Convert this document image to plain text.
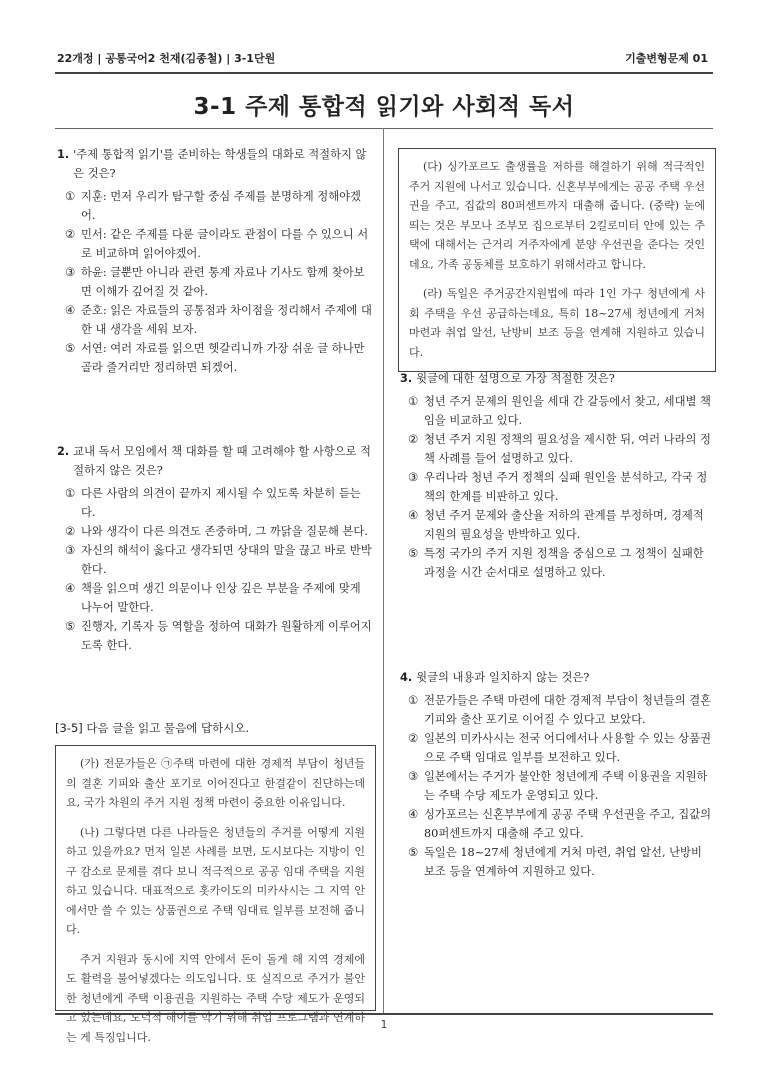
22개정 | 공통국어2 천재(김종철) | 3-1단원	기출변형문제 01
3-1 주제 통합적 읽기와 사회적 독서
1. '주제 통합적 읽기'를 준비하는 학생들의 대화로 적절하지 않은 것은?
① 지훈: 먼저 우리가 탐구할 중심 주제를 분명하게 정해야겠어.
② 민서: 같은 주제를 다룬 글이라도 관점이 다를 수 있으니 서로 비교하며 읽어야겠어.
③ 하윤: 글뿐만 아니라 관련 통계 자료나 기사도 함께 찾아보면 이해가 깊어질 것 같아.
④ 준호: 읽은 자료들의 공통점과 차이점을 정리해서 주제에 대한 내 생각을 세워 보자.
⑤ 서연: 여러 자료를 읽으면 헷갈리니까 가장 쉬운 글 하나만 골라 줄거리만 정리하면 되겠어.
2. 교내 독서 모임에서 책 대화를 할 때 고려해야 할 사항으로 적절하지 않은 것은?
① 다른 사람의 의견이 끝까지 제시될 수 있도록 차분히 듣는다.
② 나와 생각이 다른 의견도 존중하며, 그 까닭을 질문해 본다.
③ 자신의 해석이 옳다고 생각되면 상대의 말을 끊고 바로 반박한다.
④ 책을 읽으며 생긴 의문이나 인상 깊은 부분을 주제에 맞게 나누어 말한다.
⑤ 진행자, 기록자 등 역할을 정하여 대화가 원활하게 이루어지도록 한다.
[3-5] 다음 글을 읽고 물음에 답하시오.

(가) 전문가들은 ㉠주택 마련에 대한 경제적 부담이 청년들의 결혼 기피와 출산 포기로 이어진다고 한결같이 진단하는데요, 국가 차원의 주거 지원 정책 마련이 중요한 이유입니다.

(나) 그렇다면 다른 나라들은 청년들의 주거를 어떻게 지원하고 있을까요? 먼저 일본 사례를 보면, 도시보다는 지방이 인구 감소로 문제를 겪다 보니 적극적으로 공공 임대 주택을 지원하고 있습니다. 대표적으로 홋카이도의 미카사시는 그 지역 안에서만 쓸 수 있는 상품권으로 주택 임대료 일부를 보전해 줍니다.

주거 지원과 동시에 지역 안에서 돈이 돌게 해 지역 경제에도 활력을 불어넣겠다는 의도입니다. 또 실직으로 주거가 불안한 청년에게 주택 이용권을 지원하는 주택 수당 제도가 운영되고 있는데요, 도덕적 해이를 막기 위해 취업 프로그램과 연계하는 게 특징입니다.

(다) 싱가포르도 출생률을 저하를 해결하기 위해 적극적인 주거 지원에 나서고 있습니다. 신혼부부에게는 공공 주택 우선권을 주고, 집값의 80퍼센트까지 대출해 줍니다. (중략) 눈에 띄는 것은 부모나 조부모 집으로부터 2킬로미터 안에 있는 주택에 대해서는 근거리 거주자에게 분양 우선권을 준다는 것인데요, 가족 공동체를 보호하기 위해서라고 합니다.

(라) 독일은 주거공간지원법에 따라 1인 가구 청년에게 사회 주택을 우선 공급하는데요, 특히 18~27세 청년에게 거처 마련과 취업 알선, 난방비 보조 등을 연계해 지원하고 있습니다.

3. 윗글에 대한 설명으로 가장 적절한 것은?
① 청년 주거 문제의 원인을 세대 간 갈등에서 찾고, 세대별 책임을 비교하고 있다.
② 청년 주거 지원 정책의 필요성을 제시한 뒤, 여러 나라의 정책 사례를 들어 설명하고 있다.
③ 우리나라 청년 주거 정책의 실패 원인을 분석하고, 각국 정책의 한계를 비판하고 있다.
④ 청년 주거 문제와 출산율 저하의 관계를 부정하며, 경제적 지원의 필요성을 반박하고 있다.
⑤ 특정 국가의 주거 지원 정책을 중심으로 그 정책이 실패한 과정을 시간 순서대로 설명하고 있다.
4. 윗글의 내용과 일치하지 않는 것은?
① 전문가들은 주택 마련에 대한 경제적 부담이 청년들의 결혼 기피와 출산 포기로 이어질 수 있다고 보았다.
② 일본의 미카사시는 전국 어디에서나 사용할 수 있는 상품권으로 주택 임대료 일부를 보전하고 있다.
③ 일본에서는 주거가 불안한 청년에게 주택 이용권을 지원하는 주택 수당 제도가 운영되고 있다.
④ 싱가포르는 신혼부부에게 공공 주택 우선권을 주고, 집값의 80퍼센트까지 대출해 주고 있다.
⑤ 독일은 18~27세 청년에게 거처 마련, 취업 알선, 난방비 보조 등을 연계하여 지원하고 있다.
1
